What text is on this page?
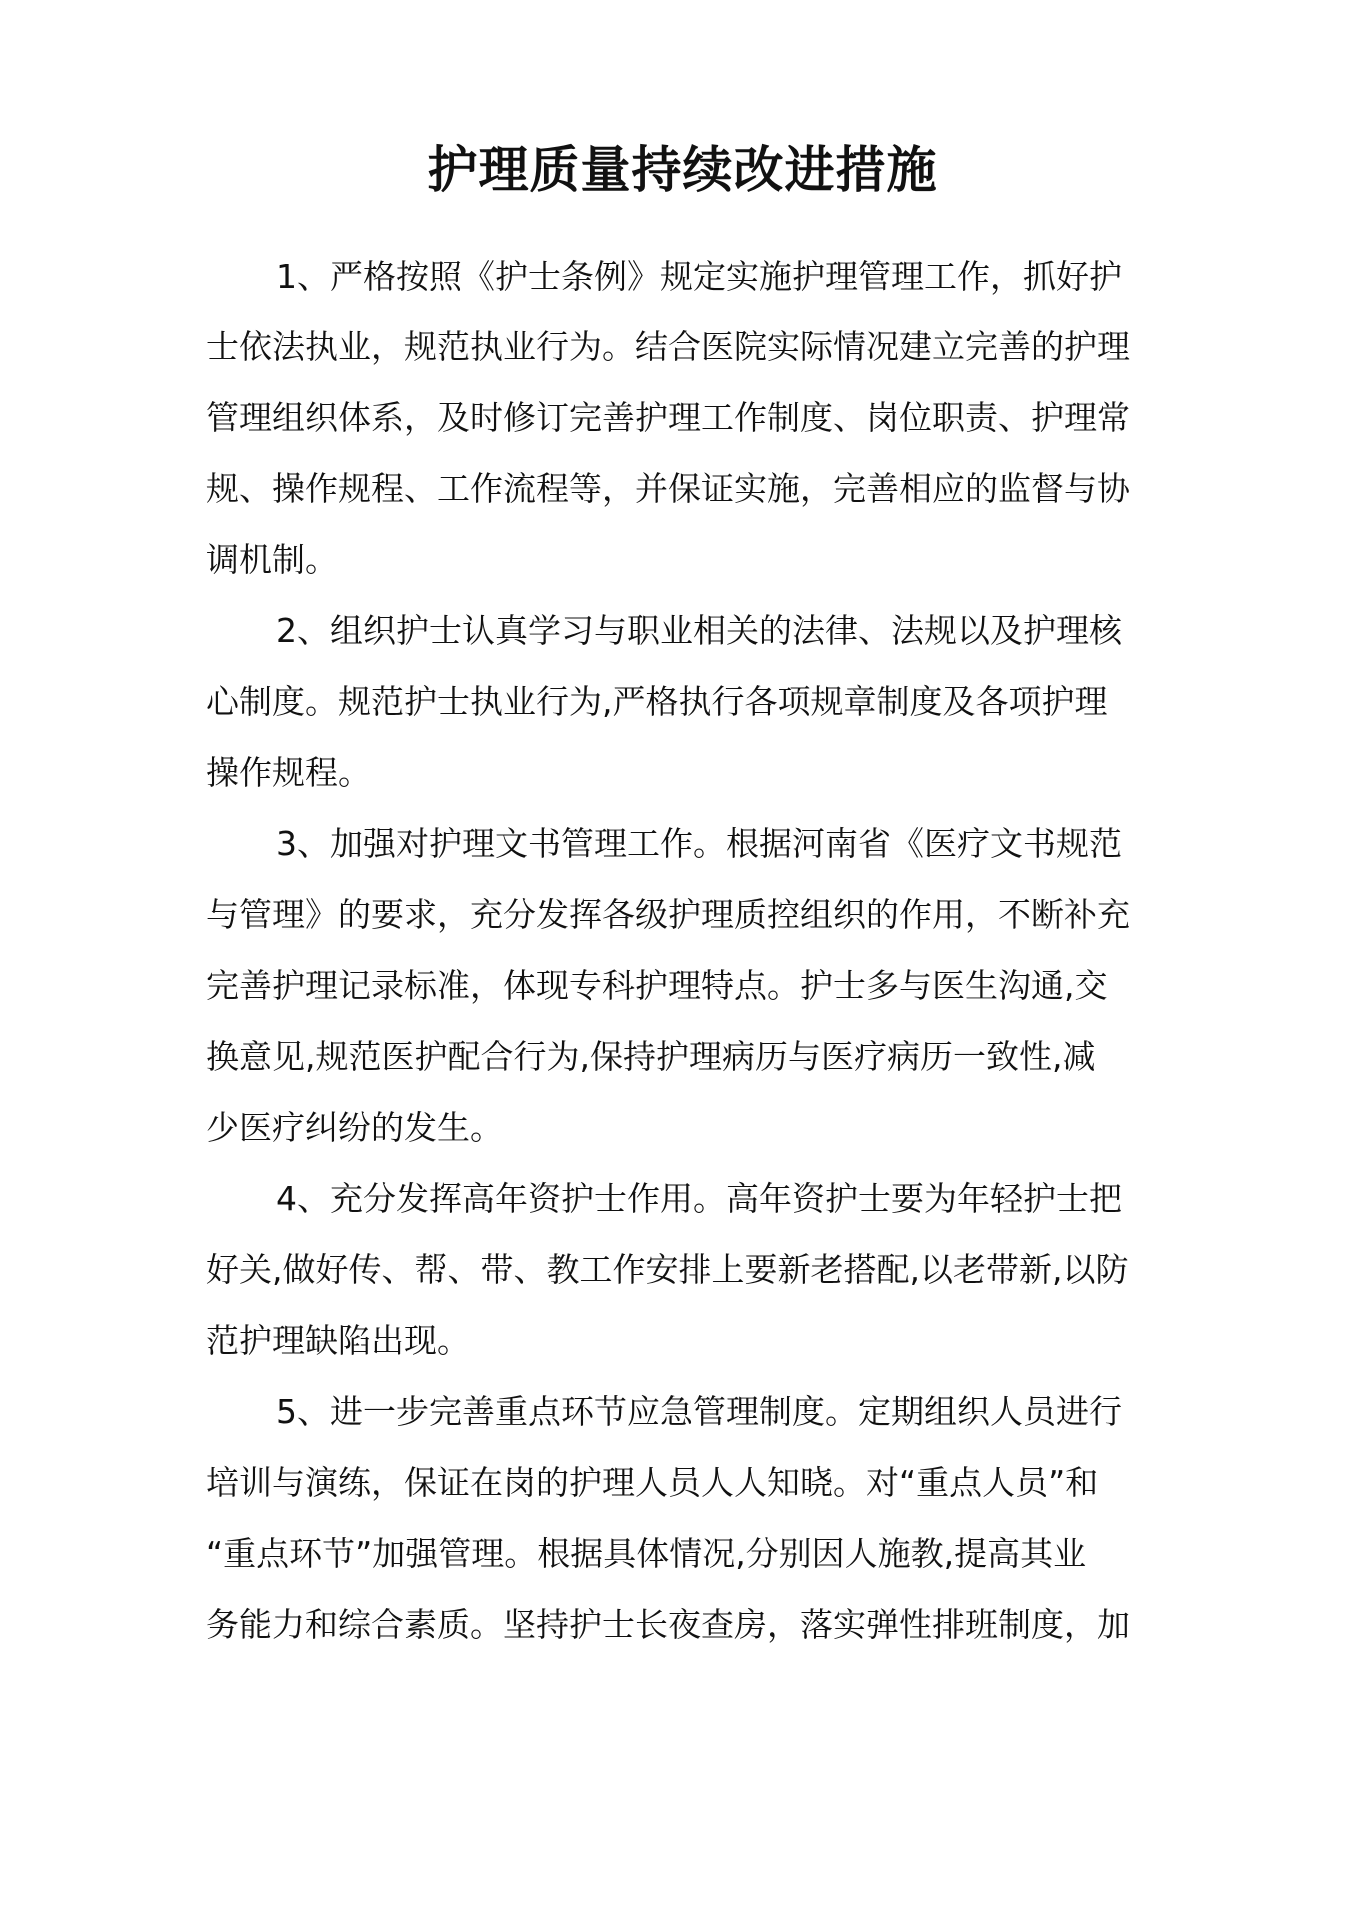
护理质量持续改进措施

1、严格按照《护士条例》规定实施护理管理工作，抓好护

士依法执业，规范执业行为。结合医院实际情况建立完善的护理

管理组织体系，及时修订完善护理工作制度、岗位职责、护理常

规、操作规程、工作流程等，并保证实施，完善相应的监督与协

调机制。

2、组织护士认真学习与职业相关的法律、法规以及护理核

心制度。规范护士执业行为,严格执行各项规章制度及各项护理

操作规程。

3、加强对护理文书管理工作。根据河南省《医疗文书规范

与管理》的要求，充分发挥各级护理质控组织的作用，不断补充

完善护理记录标准，体现专科护理特点。护士多与医生沟通,交

换意见,规范医护配合行为,保持护理病历与医疗病历一致性,减

少医疗纠纷的发生。

4、充分发挥高年资护士作用。高年资护士要为年轻护士把

好关,做好传、帮、带、教工作安排上要新老搭配,以老带新,以防

范护理缺陷出现。

5、进一步完善重点环节应急管理制度。定期组织人员进行

培训与演练，保证在岗的护理人员人人知晓。对“重点人员”和

“重点环节”加强管理。根据具体情况,分别因人施教,提高其业

务能力和综合素质。坚持护士长夜查房，落实弹性排班制度，加
